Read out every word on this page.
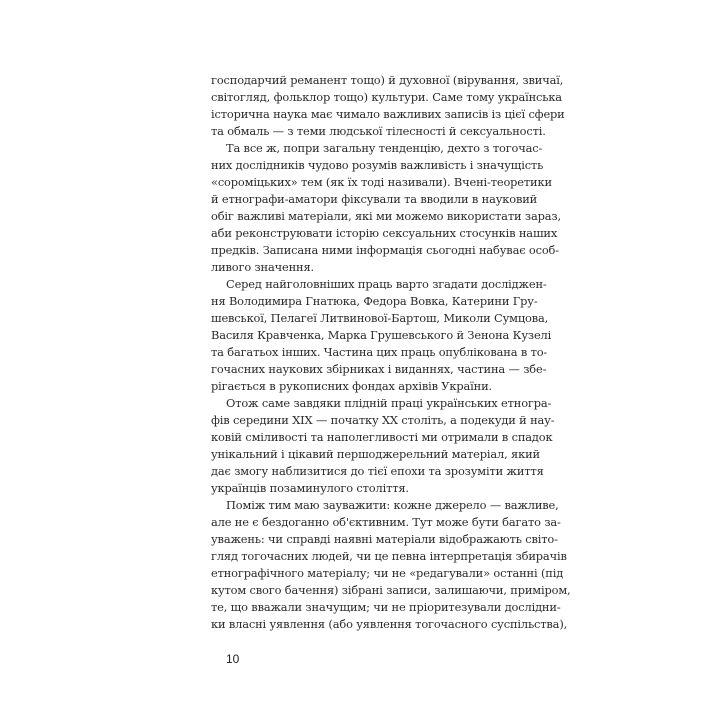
господарчий реманент тощо) й духовної (вірування, звичаї,
світогляд, фольклор тощо) культури. Саме тому українська
історична наука має чимало важливих записів із цієї сфери
та обмаль — з теми людської тілесності й сексуальності.
Та все ж, попри загальну тенденцію, дехто з тогочас-
них дослідників чудово розумів важливість і значущість
«сороміцьких» тем (як їх тоді називали). Вчені-теоретики
й етнографи-аматори фіксували та вводили в науковий
обіг важливі матеріали, які ми можемо використати зараз,
аби реконструювати історію сексуальних стосунків наших
предків. Записана ними інформація сьогодні набуває особ-
ливого значення.
Серед найголовніших праць варто згадати досліджен-
ня Володимира Гнатюка, Федора Вовка, Катерини Гру-
шевської, Пелагеї Литвинової-Бартош, Миколи Сумцова,
Василя Кравченка, Марка Грушевського й Зенона Кузелі
та багатьох інших. Частина цих праць опублікована в то-
гочасних наукових збірниках і виданнях, частина — збе-
рігається в рукописних фондах архівів України.
Отож саме завдяки плідній праці українських етногра-
фів середини XIX — початку XX століть, а подекуди й нау-
ковій сміливості та наполегливості ми отримали в спадок
унікальний і цікавий першоджерельний матеріал, який
дає змогу наблизитися до тієї епохи та зрозуміти життя
українців позаминулого століття.
Поміж тим маю зауважити: кожне джерело — важливе,
але не є бездоганно об'єктивним. Тут може бути багато за-
уважень: чи справді наявні матеріали відображають світо-
гляд тогочасних людей, чи це певна інтерпретація збирачів
етнографічного матеріалу; чи не «редагували» останні (під
кутом свого бачення) зібрані записи, залишаючи, приміром,
те, що вважали значущим; чи не пріоритезували дослідни-
ки власні уявлення (або уявлення тогочасного суспільства),
10
